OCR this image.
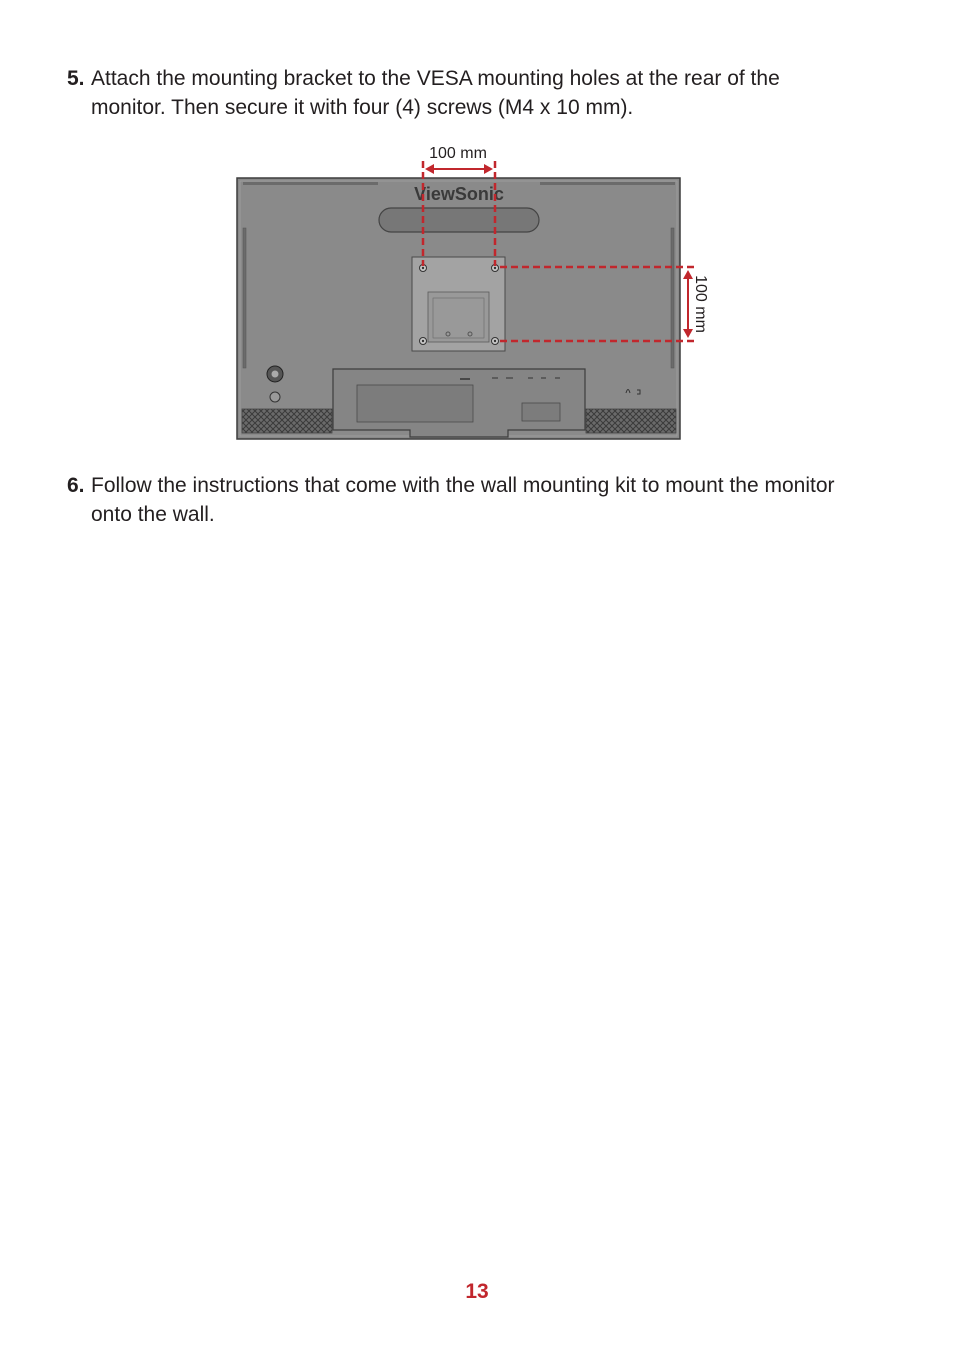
5. Attach the mounting bracket to the VESA mounting holes at the rear of the monitor. Then secure it with four (4) screws (M4 x 10 mm).
ViewSonic
100 mm
100 mm
6. Follow the instructions that come with the wall mounting kit to mount the monitor onto the wall.
13
